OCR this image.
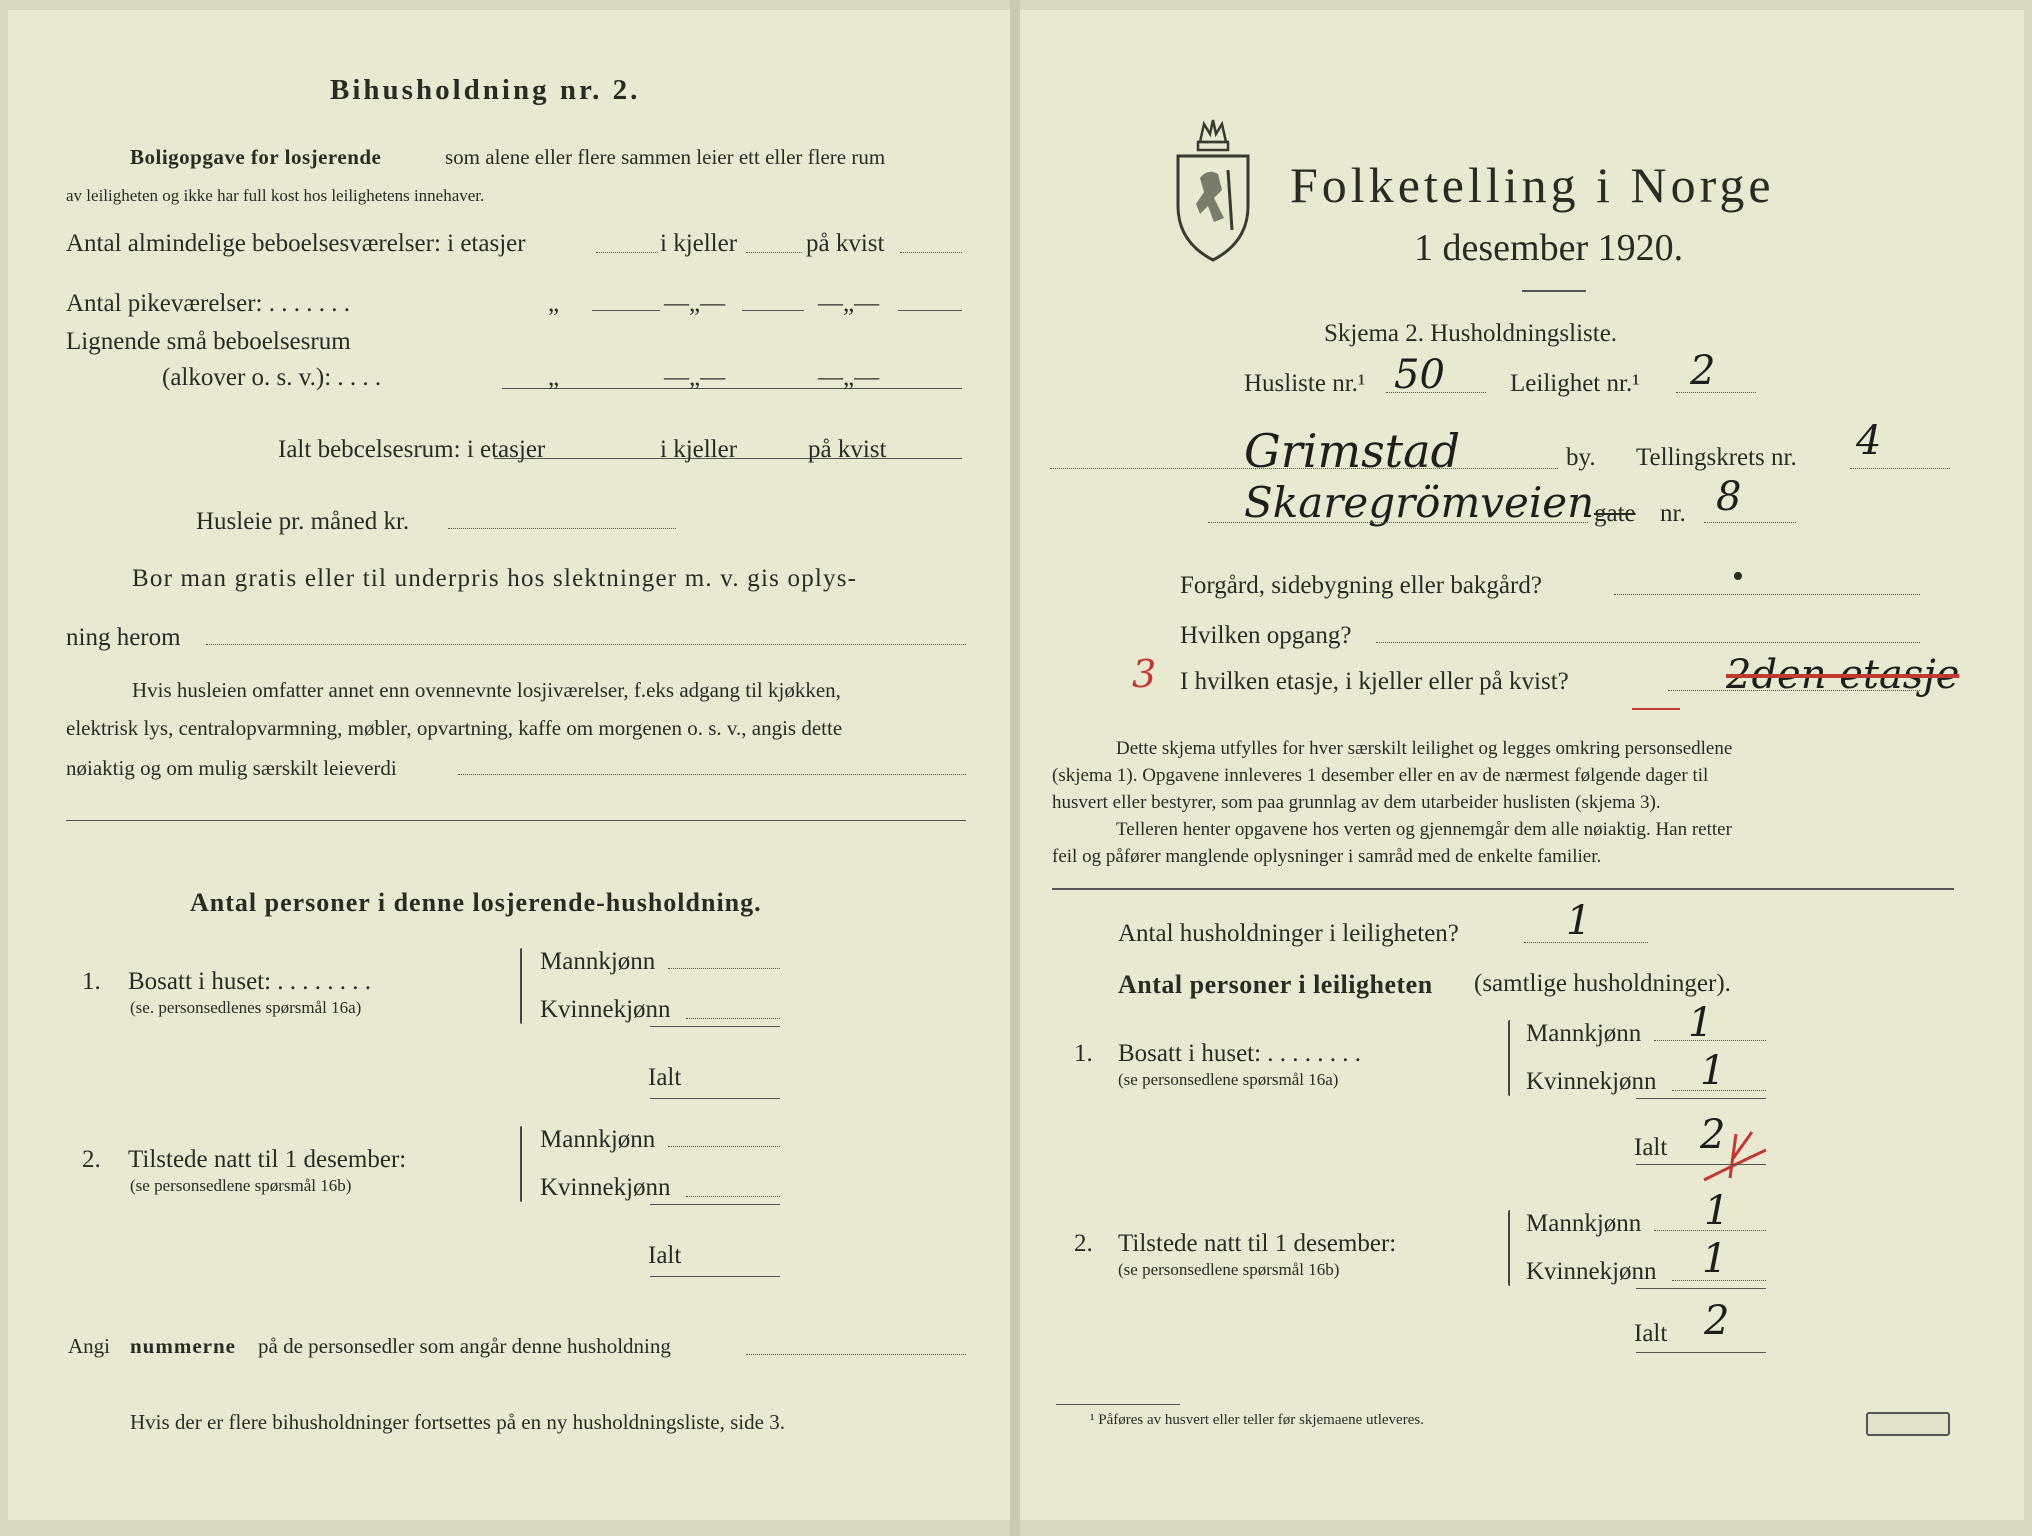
Bihusholdning nr. 2.
Boligopgave for losjerende	som alene eller flere sammen leier ett eller flere rum
av leiligheten og ikke har full kost hos leilighetens innehaver.
Antal almindelige beboelsesværelser: i etasjer	i kjeller	på kvist
Antal pikeværelser: . . . . . . .	„	—„—	—„—
Lignende små beboelsesrum
(alkover o. s. v.): . . . .	„	—„—	—„—
Ialt bebcelsesrum: i etasjer	i kjeller	på kvist
Husleie pr. måned kr.
Bor man gratis eller til underpris hos slektninger m. v. gis oplys-
ning herom
Hvis husleien omfatter annet enn ovennevnte losjiværelser, f.eks adgang til kjøkken,
elektrisk lys, centralopvarmning, møbler, opvartning, kaffe om morgenen o. s. v., angis dette
nøiaktig og om mulig særskilt leieverdi
Antal personer i denne losjerende-husholdning.
1. Bosatt i huset: . . . . . . . .
(se. personsedlenes spørsmål 16a)
Mannkjønn
Kvinnekjønn
Ialt
2. Tilstede natt til 1 desember:
(se personsedlene spørsmål 16b)
Mannkjønn
Kvinnekjønn
Ialt
Angi nummerne på de personsedler som angår denne husholdning
Hvis der er flere bihusholdninger fortsettes på en ny husholdningsliste, side 3.
Folketelling i Norge
1 desember 1920.
Skjema 2. Husholdningsliste.
Husliste nr.¹ 50	Leilighet nr.¹ 2
Grimstad	by. Tellingskrets nr. 4
Skaregrömveien gate nr. 8
Forgård, sidebygning eller bakgård?	•
Hvilken opgang?
3 I hvilken etasje, i kjeller eller på kvist?	2den etasje
Dette skjema utfylles for hver særskilt leilighet og legges omkring personsedlene
(skjema 1). Opgavene innleveres 1 desember eller en av de nærmest følgende dager til
husvert eller bestyrer, som paa grunnlag av dem utarbeider huslisten (skjema 3).
Telleren henter opgavene hos verten og gjennemgår dem alle nøiaktig. Han retter
feil og påfører manglende oplysninger i samråd med de enkelte familier.
Antal husholdninger i leiligheten?	1
Antal personer i leiligheten (samtlige husholdninger).
1. Bosatt i huset: . . . . . . . .
(se personsedlene spørsmål 16a)
Mannkjønn 1
Kvinnekjønn 1
Ialt 2
2. Tilstede natt til 1 desember:
(se personsedlene spørsmål 16b)
Mannkjønn 1
Kvinnekjønn 1
Ialt 2
¹ Påføres av husvert eller teller før skjemaene utleveres.
